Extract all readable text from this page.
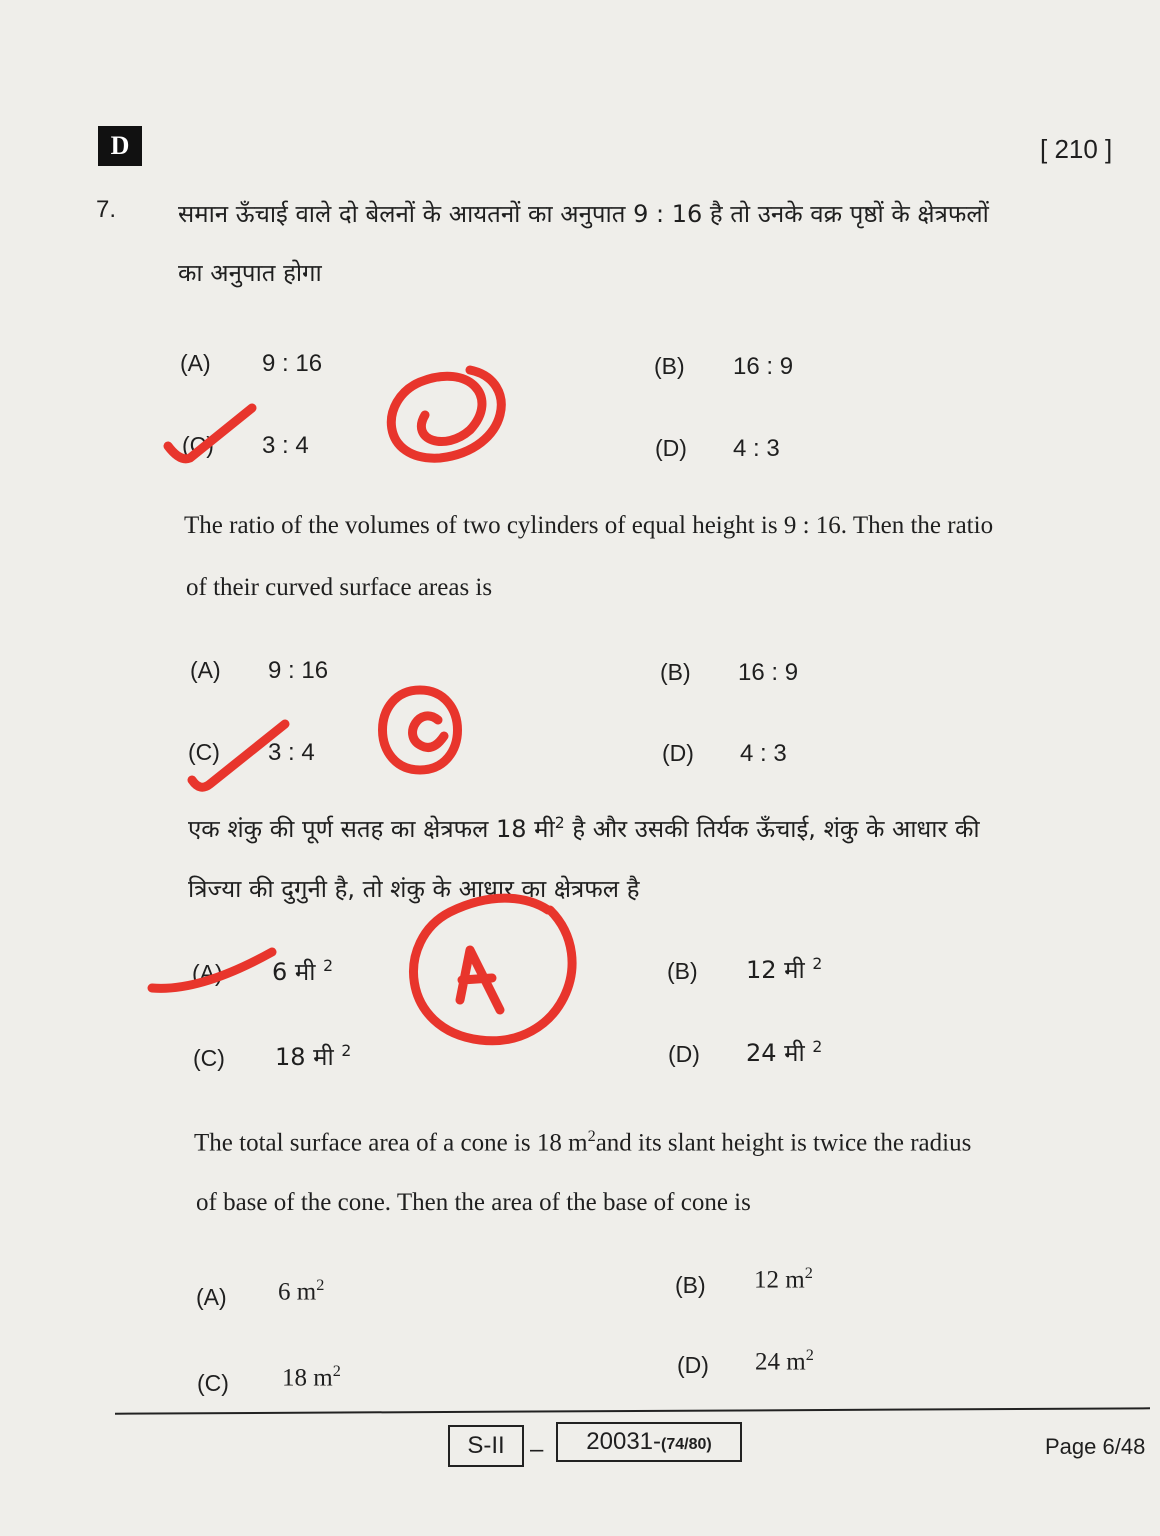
D	[ 210 ]
7.	समान ऊँचाई वाले दो बेलनों के आयतनों का अनुपात 9 : 16 है तो उनके वक्र पृष्ठों के क्षेत्रफलों
का अनुपात होगा
(A) 9 : 16	(B) 16 : 9
(C) 3 : 4	(D) 4 : 3
The ratio of the volumes of two cylinders of equal height is 9 : 16. Then the ratio
of their curved surface areas is
(A) 9 : 16	(B) 16 : 9
(C) 3 : 4	(D) 4 : 3
एक शंकु की पूर्ण सतह का क्षेत्रफल 18 मी$^2$ है और उसकी तिर्यक ऊँचाई, शंकु के आधार की
त्रिज्या की दुगुनी है, तो शंकु के आधार का क्षेत्रफल है
(A) 6 मी $^2$	(B) 12 मी $^2$
(C) 18 मी $^2$	(D) 24 मी $^2$
The total surface area of a cone is 18 $m^2and$ its slant height is twice the radius
of base of the cone. Then the area of the base of cone is
(A) 6 $m^2$	(B) 12 $m^2$
(C) 18 $m^2$	(D) 24 $m^2$
S-II	–	20031-(74/80)	Page 6/48
